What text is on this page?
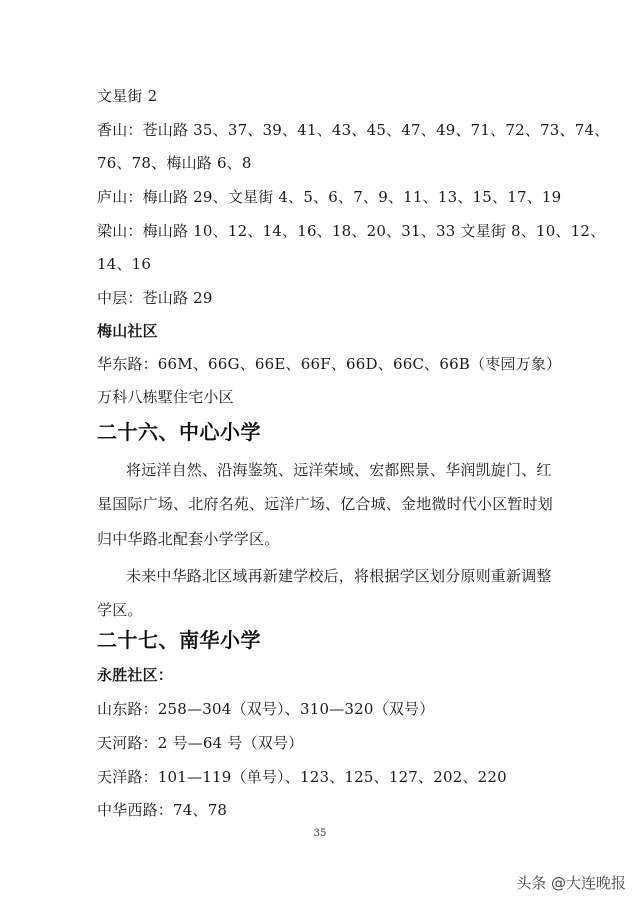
文星街 2
香山：苍山路 35、37、39、41、43、45、47、49、71、72、73、74、
76、78、梅山路 6、8
庐山：梅山路 29、文星街 4、5、6、7、9、11、13、15、17、19
梁山：梅山路 10、12、14、16、18、20、31、33 文星街 8、10、12、
14、16
中层：苍山路 29
梅山社区
华东路：66M、66G、66E、66F、66D、66C、66B（枣园万象）
万科八栋墅住宅小区
二十六、中心小学
将远洋自然、沿海鉴筑、远洋荣域、宏都熙景、华润凯旋门、红
星国际广场、北府名苑、远洋广场、亿合城、金地微时代小区暂时划
归中华路北配套小学学区。
未来中华路北区域再新建学校后，将根据学区划分原则重新调整
学区。
二十七、南华小学
永胜社区：
山东路：258—304（双号）、310—320（双号）
天河路：2 号—64 号（双号）
天洋路：101—119（单号）、123、125、127、202、220
中华西路：74、78
35
头条 @大连晚报
